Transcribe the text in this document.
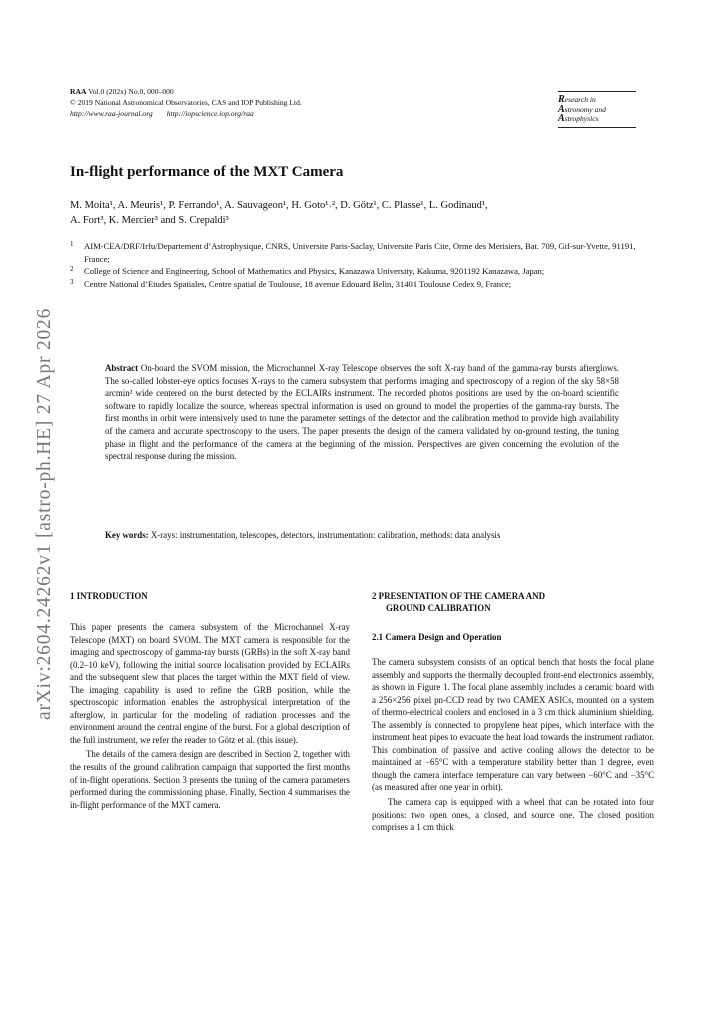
arXiv:2604.24262v1 [astro-ph.HE] 27 Apr 2026
RAA Vol.0 (202x) No.0, 000–000
© 2019 National Astronomical Observatories, CAS and IOP Publishing Ltd.
http://www.raa-journal.org http://iopscience.iop.org/raa
Research in
Astronomy and
Astrophysics
In-flight performance of the MXT Camera
M. Moita¹, A. Meuris¹, P. Ferrando¹, A. Sauvageon¹, H. Goto¹˒², D. Götz¹, C. Plasse¹, L. Godinaud¹,
A. Fort³, K. Mercier³ and S. Crepaldi³
1 AIM-CEA/DRF/Irfu/Departement d’Astrophysique, CNRS, Universite Paris-Saclay, Universite Paris Cite, Orme des Merisiers, Bat. 709, Gif-sur-Yvette, 91191, France;
2 College of Science and Engineering, School of Mathematics and Physics, Kanazawa University, Kakuma, 9201192 Kanazawa, Japan;
3 Centre National d’Etudes Spatiales, Centre spatial de Toulouse, 18 avenue Edouard Belin, 31401 Toulouse Cedex 9, France;
Abstract On-board the SVOM mission, the Microchannel X-ray Telescope observes the soft X-ray band of the gamma-ray bursts afterglows. The so-called lobster-eye optics focuses X-rays to the camera subsystem that performs imaging and spectroscopy of a region of the sky 58×58 arcmin² wide centered on the burst detected by the ECLAIRs instrument. The recorded photos positions are used by the on-board scientific software to rapidly localize the source, whereas spectral information is used on ground to model the properties of the gamma-ray bursts. The first months in orbit were intensively used to tune the parameter settings of the detector and the calibration method to provide high availability of the camera and accurate spectroscopy to the users. The paper presents the design of the camera validated by on-ground testing, the tuning phase in flight and the performance of the camera at the beginning of the mission. Perspectives are given concerning the evolution of the spectral response during the mission.
Key words: X-rays: instrumentation, telescopes, detectors, instrumentation: calibration, methods: data analysis
1 INTRODUCTION

This paper presents the camera subsystem of the Microchannel X-ray Telescope (MXT) on board SVOM. The MXT camera is responsible for the imaging and spectroscopy of gamma-ray bursts (GRBs) in the soft X-ray band (0.2–10 keV), following the initial source localisation provided by ECLAIRs and the subsequent slew that places the target within the MXT field of view. The imaging capability is used to refine the GRB position, while the spectroscopic information enables the astrophysical interpretation of the afterglow, in particular for the modeling of radiation processes and the environment around the central engine of the burst. For a global description of the full instrument, we refer the reader to Götz et al. (this issue).

The details of the camera design are described in Section 2, together with the results of the ground calibration campaign that supported the first months of in-flight operations. Section 3 presents the tuning of the camera parameters performed during the commissioning phase. Finally, Section 4 summarises the in-flight performance of the MXT camera.

2 PRESENTATION OF THE CAMERA AND
GROUND CALIBRATION
2.1 Camera Design and Operation

The camera subsystem consists of an optical bench that hosts the focal plane assembly and supports the thermally decoupled front-end electronics assembly, as shown in Figure 1. The focal plane assembly includes a ceramic board with a 256×256 pixel pn-CCD read by two CAMEX ASICs, mounted on a system of thermo-electrical coolers and enclosed in a 3 cm thick aluminium shielding. The assembly is connected to propylene heat pipes, which interface with the instrument heat pipes to evacuate the heat load towards the instrument radiator. This combination of passive and active cooling allows the detector to be maintained at −65°C with a temperature stability better than 1 degree, even though the camera interface temperature can vary between −60°C and −35°C (as measured after one year in orbit).

The camera cap is equipped with a wheel that can be rotated into four positions: two open ones, a closed, and source one. The closed position comprises a 1 cm thick
